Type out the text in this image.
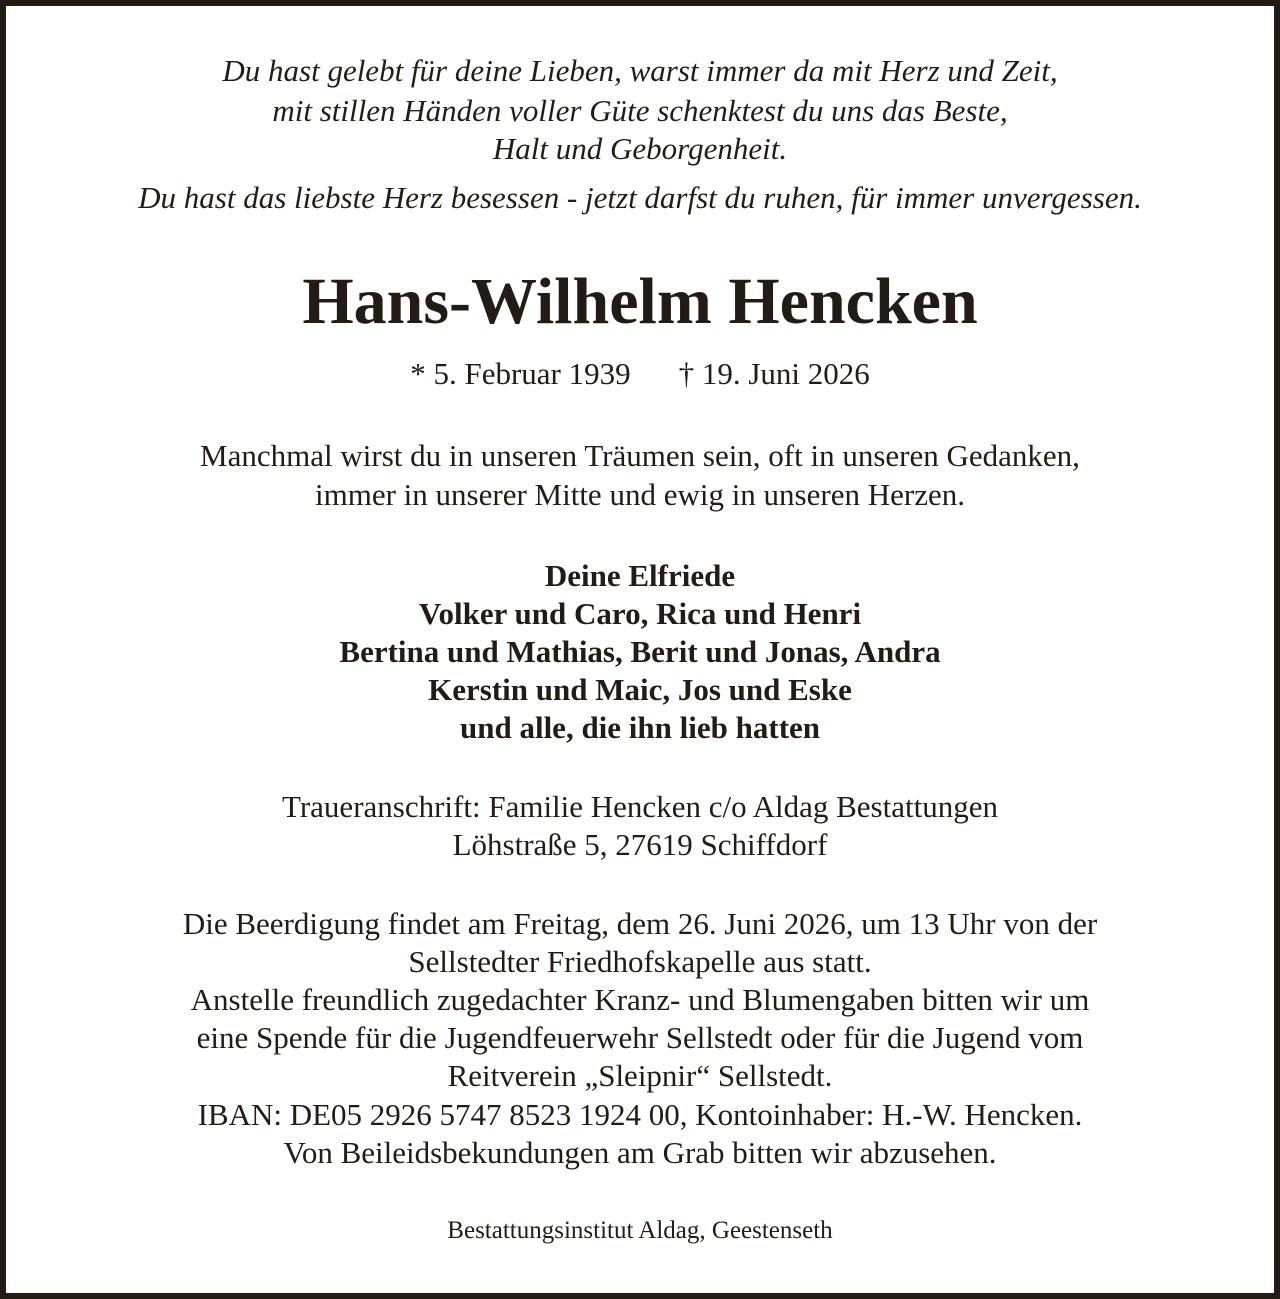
Du hast gelebt für deine Lieben, warst immer da mit Herz und Zeit,

mit stillen Händen voller Güte schenktest du uns das Beste,

Halt und Geborgenheit.

Du hast das liebste Herz besessen - jetzt darfst du ruhen, für immer unvergessen.

Hans-Wilhelm Hencken

* 5. Februar 1939 † 19. Juni 2026

Manchmal wirst du in unseren Träumen sein, oft in unseren Gedanken,

immer in unserer Mitte und ewig in unseren Herzen.

Deine Elfriede

Volker und Caro, Rica und Henri

Bertina und Mathias, Berit und Jonas, Andra

Kerstin und Maic, Jos und Eske

und alle, die ihn lieb hatten

Traueranschrift: Familie Hencken c/o Aldag Bestattungen

Löhstraße 5, 27619 Schiffdorf

Die Beerdigung findet am Freitag, dem 26. Juni 2026, um 13 Uhr von der

Sellstedter Friedhofskapelle aus statt.

Anstelle freundlich zugedachter Kranz- und Blumengaben bitten wir um

eine Spende für die Jugendfeuerwehr Sellstedt oder für die Jugend vom

Reitverein „Sleipnir“ Sellstedt.

IBAN: DE05 2926 5747 8523 1924 00, Kontoinhaber: H.-W. Hencken.

Von Beileidsbekundungen am Grab bitten wir abzusehen.

Bestattungsinstitut Aldag, Geestenseth
